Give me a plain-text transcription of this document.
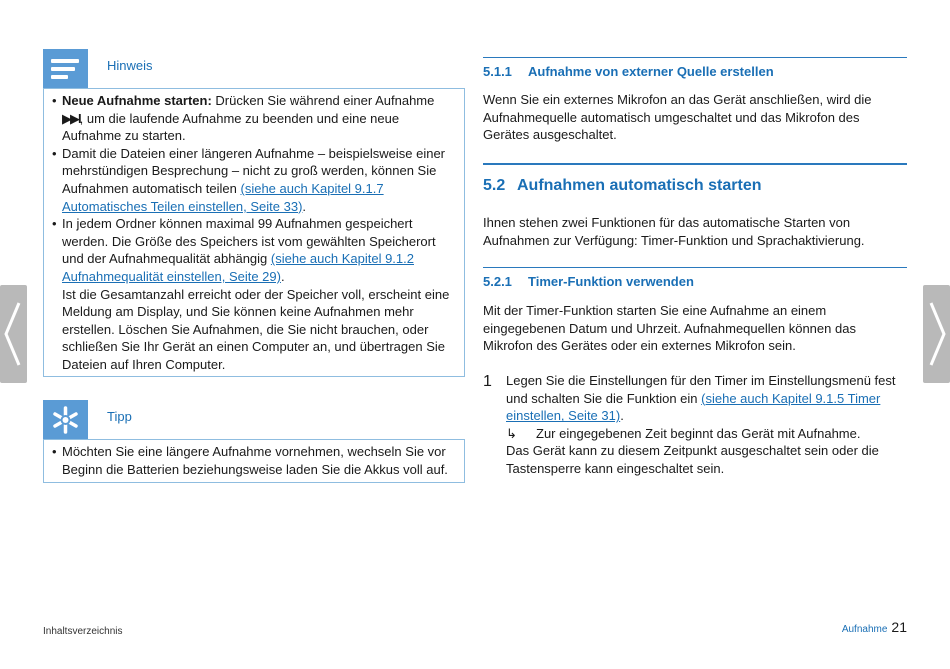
Hinweis
• Neue Aufnahme starten: Drücken Sie während einer Aufnahme ▶▶I, um die laufende Aufnahme zu beenden und eine neue Aufnahme zu starten.
• Damit die Dateien einer längeren Aufnahme – beispielsweise einer mehrstündigen Besprechung – nicht zu groß werden, können Sie Aufnahmen automatisch teilen (siehe auch Kapitel 9.1.7 Automatisches Teilen einstellen, Seite 33).
• In jedem Ordner können maximal 99 Aufnahmen gespeichert werden. Die Größe des Speichers ist vom gewählten Speicherort und der Aufnahmequalität abhängig (siehe auch Kapitel 9.1.2 Aufnahmequalität einstellen, Seite 29).
Ist die Gesamtanzahl erreicht oder der Speicher voll, erscheint eine Meldung am Display, und Sie können keine Aufnahmen mehr erstellen. Löschen Sie Aufnahmen, die Sie nicht brauchen, oder schließen Sie Ihr Gerät an einen Computer an, und übertragen Sie Dateien auf Ihren Computer.
Tipp
• Möchten Sie eine längere Aufnahme vornehmen, wechseln Sie vor Beginn die Batterien beziehungsweise laden Sie die Akkus voll auf.
5.1.1 Aufnahme von externer Quelle erstellen
Wenn Sie ein externes Mikrofon an das Gerät anschließen, wird die Aufnahmequelle automatisch umgeschaltet und das Mikrofon des Gerätes ausgeschaltet.
5.2 Aufnahmen automatisch starten
Ihnen stehen zwei Funktionen für das automatische Starten von Aufnahmen zur Verfügung: Timer-Funktion und Sprachaktivierung.
5.2.1 Timer-Funktion verwenden
Mit der Timer-Funktion starten Sie eine Aufnahme an einem eingegebenen Datum und Uhrzeit. Aufnahmequellen können das Mikrofon des Gerätes oder ein externes Mikrofon sein.
1 Legen Sie die Einstellungen für den Timer im Einstellungsmenü fest und schalten Sie die Funktion ein (siehe auch Kapitel 9.1.5 Timer einstellen, Seite 31).
↳ Zur eingegebenen Zeit beginnt das Gerät mit Aufnahme.
Das Gerät kann zu diesem Zeitpunkt ausgeschaltet sein oder die Tastensperre kann eingeschaltet sein.
Inhaltsverzeichnis	Aufnahme 21
